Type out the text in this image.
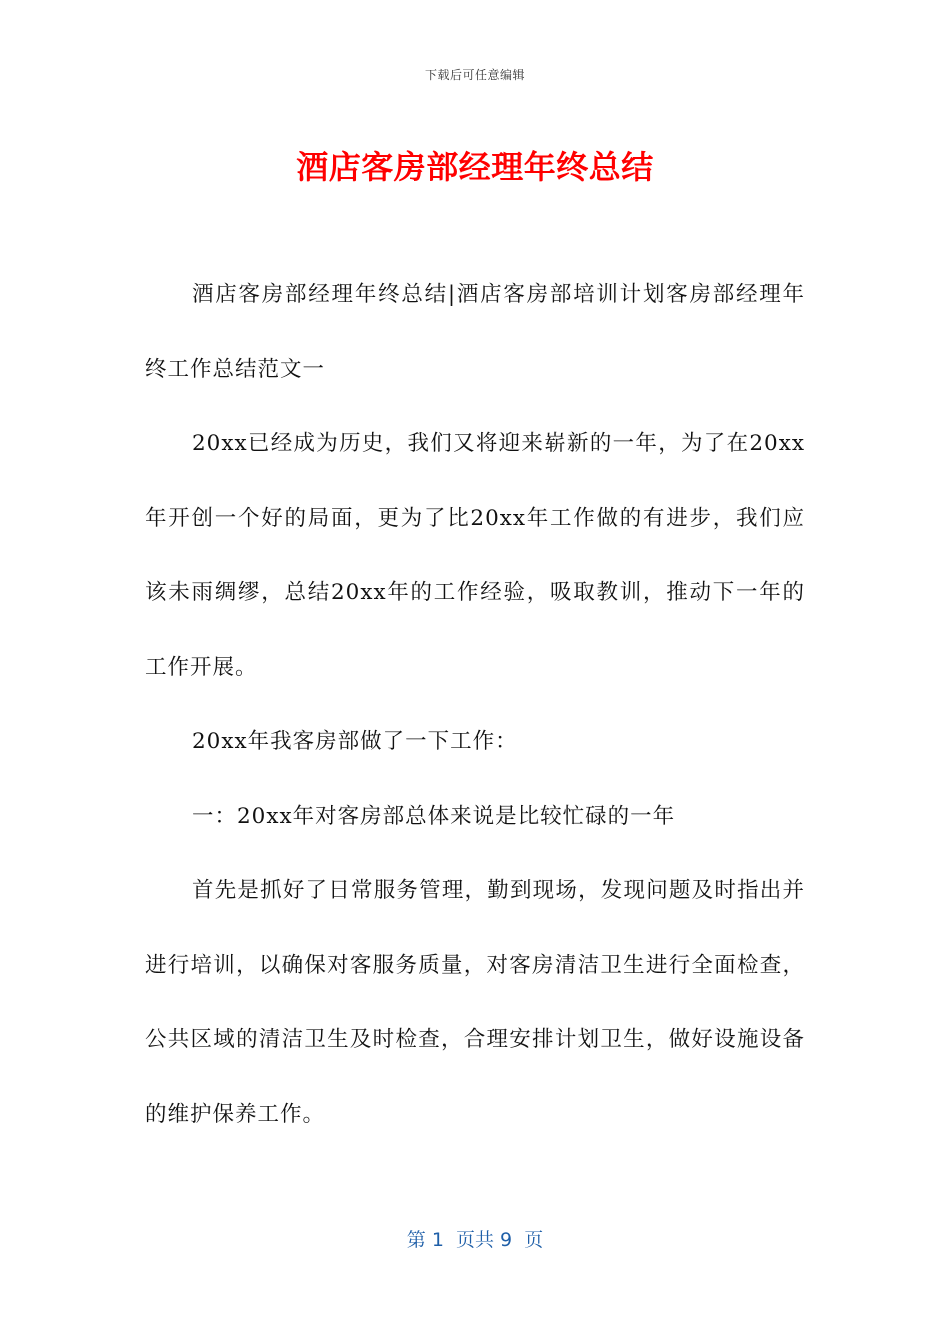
下载后可任意编辑
酒店客房部经理年终总结

酒店客房部经理年终总结|酒店客房部培训计划客房部经理年终工作总结范文一

20xx已经成为历史，我们又将迎来崭新的一年，为了在20xx年开创一个好的局面，更为了比20xx年工作做的有进步，我们应该未雨绸缪，总结20xx年的工作经验，吸取教训，推动下一年的工作开展。

20xx年我客房部做了一下工作：

一：20xx年对客房部总体来说是比较忙碌的一年

首先是抓好了日常服务管理，勤到现场，发现问题及时指出并进行培训，以确保对客服务质量，对客房清洁卫生进行全面检查，公共区域的清洁卫生及时检查，合理安排计划卫生，做好设施设备的维护保养工作。

第 1  页共 9  页
